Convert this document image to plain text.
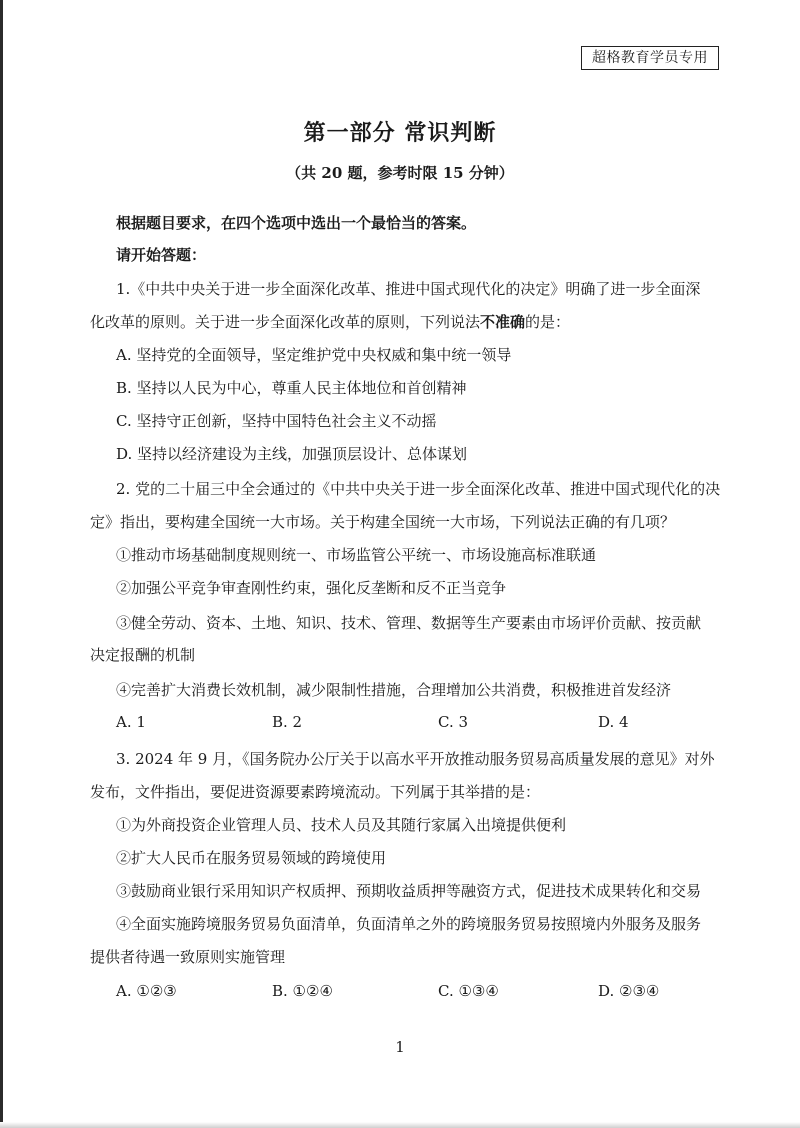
超格教育学员专用
第一部分 常识判断
（共 20 题，参考时限 15 分钟）
根据题目要求，在四个选项中选出一个最恰当的答案。
请开始答题：
1.《中共中央关于进一步全面深化改革、推进中国式现代化的决定》明确了进一步全面深
化改革的原则。关于进一步全面深化改革的原则，下列说法不准确的是：
A. 坚持党的全面领导，坚定维护党中央权威和集中统一领导
B. 坚持以人民为中心，尊重人民主体地位和首创精神
C. 坚持守正创新，坚持中国特色社会主义不动摇
D. 坚持以经济建设为主线，加强顶层设计、总体谋划
2. 党的二十届三中全会通过的《中共中央关于进一步全面深化改革、推进中国式现代化的决
定》指出，要构建全国统一大市场。关于构建全国统一大市场，下列说法正确的有几项？
①推动市场基础制度规则统一、市场监管公平统一、市场设施高标准联通
②加强公平竞争审查刚性约束，强化反垄断和反不正当竞争
③健全劳动、资本、土地、知识、技术、管理、数据等生产要素由市场评价贡献、按贡献
决定报酬的机制
④完善扩大消费长效机制，减少限制性措施，合理增加公共消费，积极推进首发经济
A. 1	B. 2	C. 3	D. 4
3. 2024 年 9 月，《国务院办公厅关于以高水平开放推动服务贸易高质量发展的意见》对外
发布，文件指出，要促进资源要素跨境流动。下列属于其举措的是：
①为外商投资企业管理人员、技术人员及其随行家属入出境提供便利
②扩大人民币在服务贸易领域的跨境使用
③鼓励商业银行采用知识产权质押、预期收益质押等融资方式，促进技术成果转化和交易
④全面实施跨境服务贸易负面清单，负面清单之外的跨境服务贸易按照境内外服务及服务
提供者待遇一致原则实施管理
A. ①②③	B. ①②④	C. ①③④	D. ②③④
1
